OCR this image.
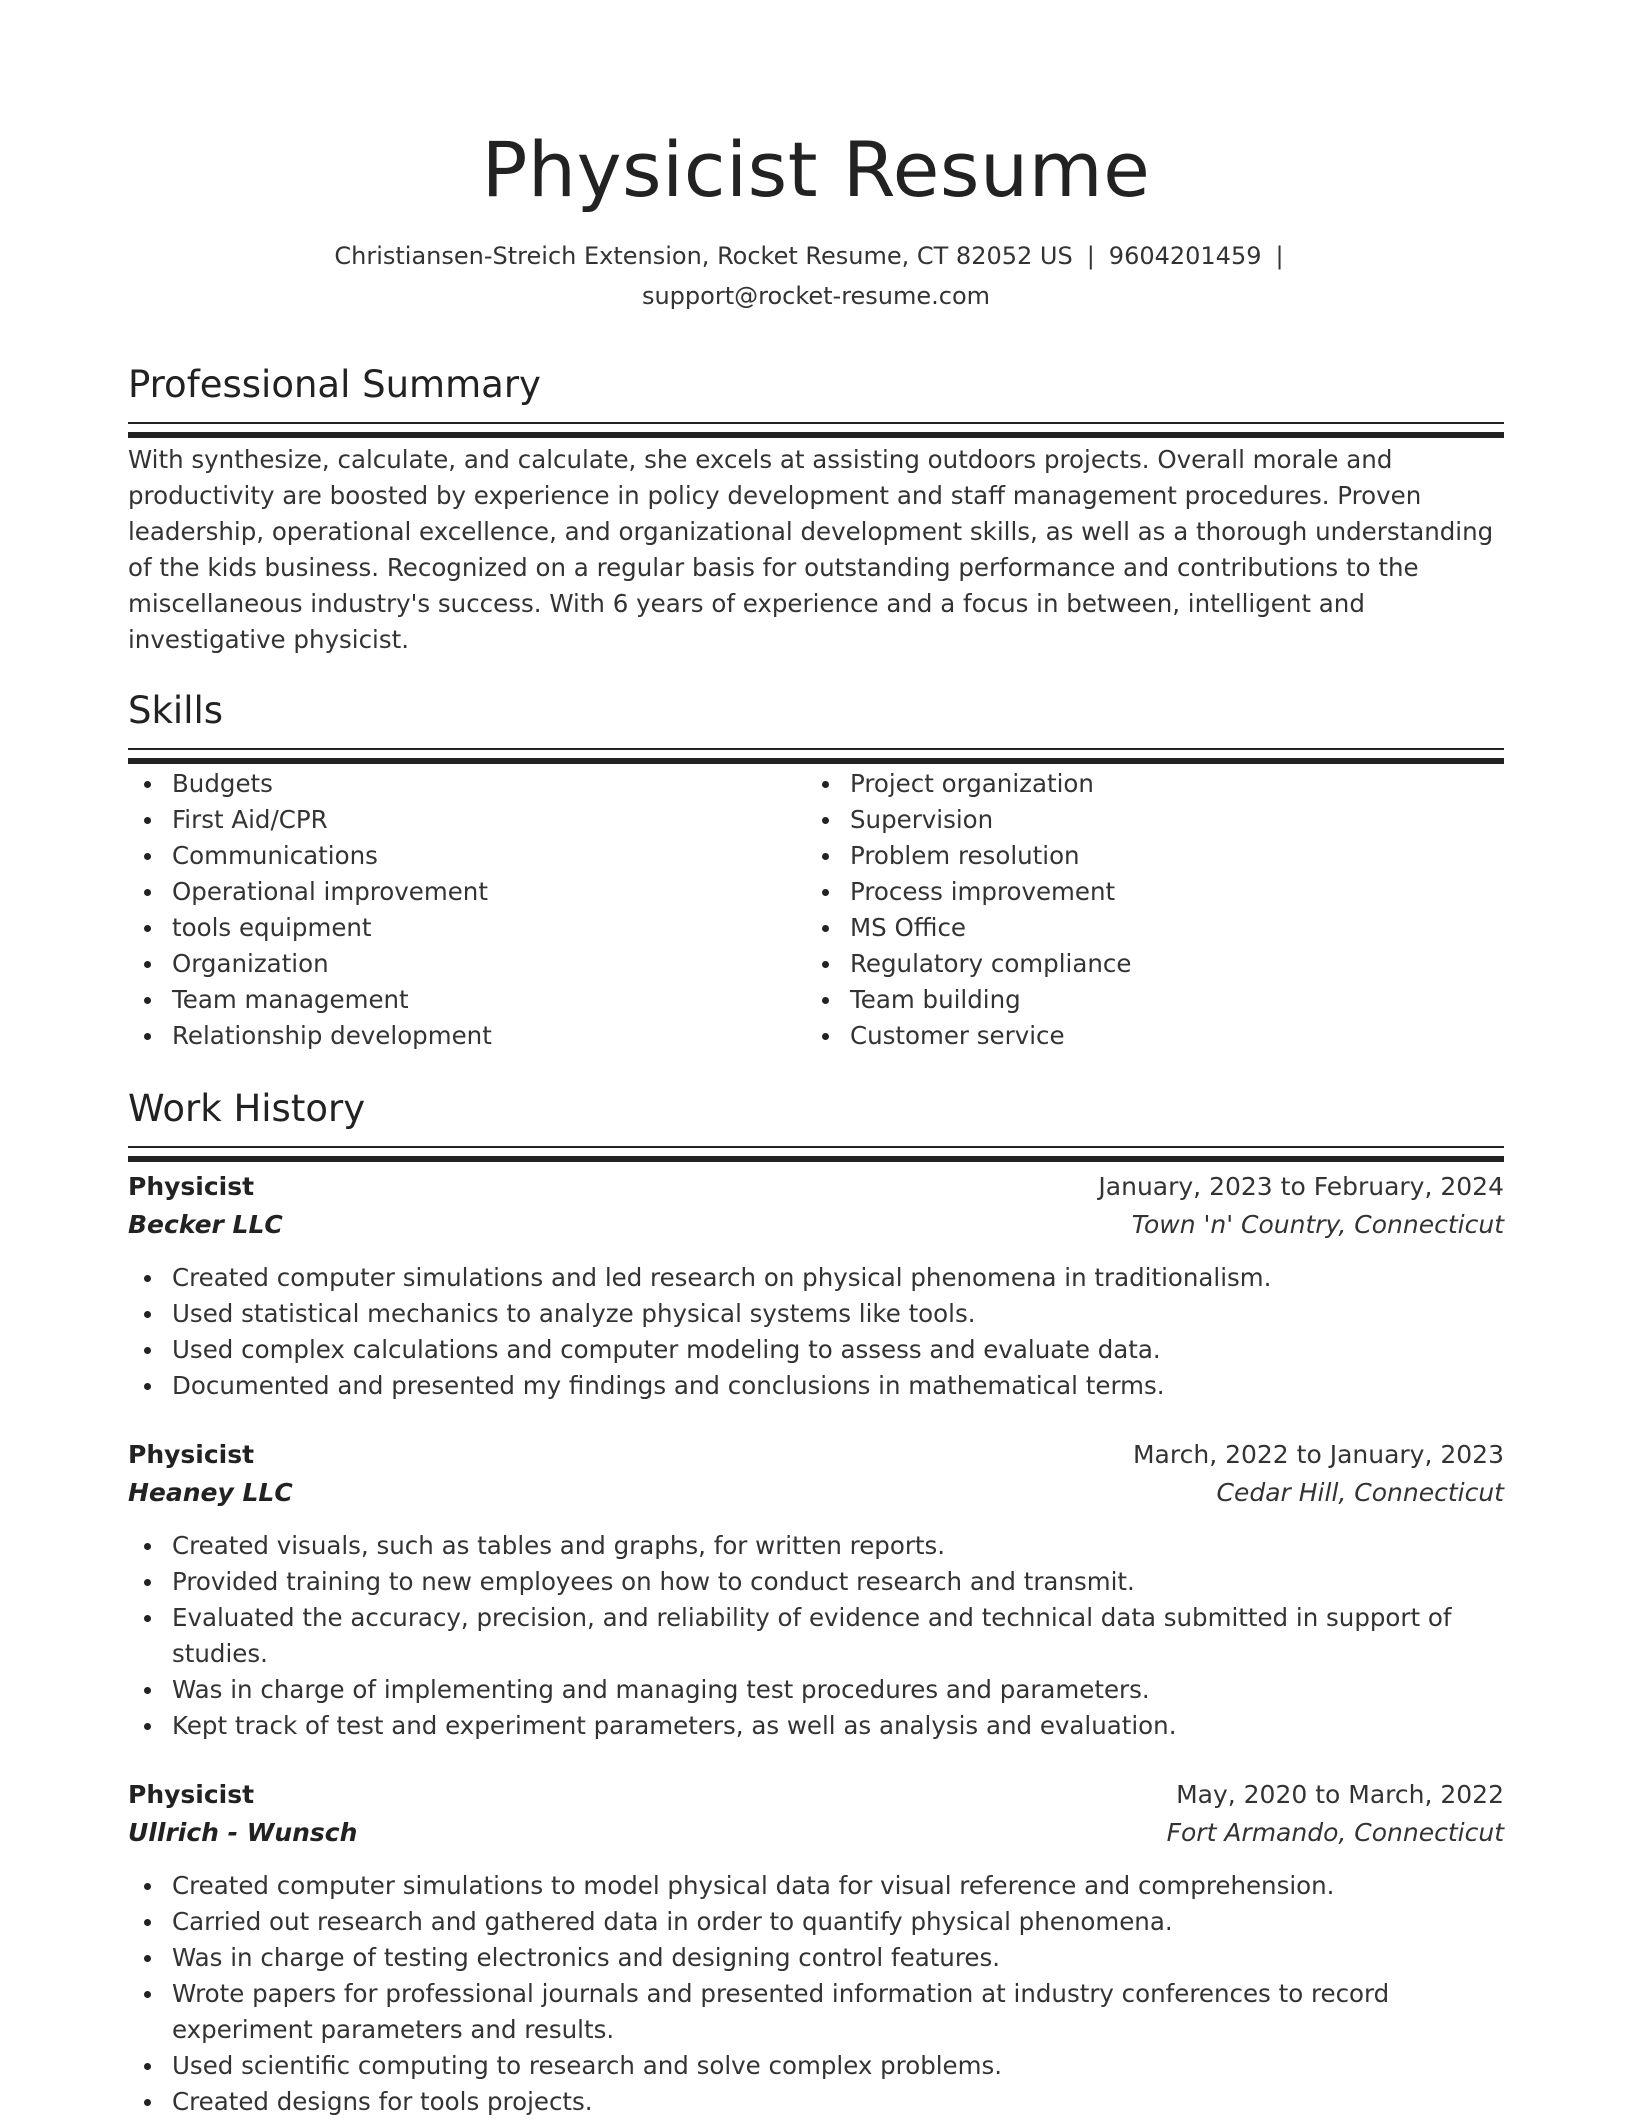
Physicist Resume
Christiansen-Streich Extension, Rocket Resume, CT 82052 US | 9604201459 |
support@rocket-resume.com
Professional Summary

With synthesize, calculate, and calculate, she excels at assisting outdoors projects. Overall morale and productivity are boosted by experience in policy development and staff management procedures. Proven leadership, operational excellence, and organizational development skills, as well as a thorough understanding of the kids business. Recognized on a regular basis for outstanding performance and contributions to the miscellaneous industry's success. With 6 years of experience and a focus in between, intelligent and investigative physicist.

Skills
Budgets
First Aid/CPR
Communications
Operational improvement
tools equipment
Organization
Team management
Relationship development
Project organization
Supervision
Problem resolution
Process improvement
MS Office
Regulatory compliance
Team building
Customer service
Work History
Physicist	January, 2023 to February, 2024
Becker LLC	Town 'n' Country, Connecticut
Created computer simulations and led research on physical phenomena in traditionalism.
Used statistical mechanics to analyze physical systems like tools.
Used complex calculations and computer modeling to assess and evaluate data.
Documented and presented my findings and conclusions in mathematical terms.
Physicist	March, 2022 to January, 2023
Heaney LLC	Cedar Hill, Connecticut
Created visuals, such as tables and graphs, for written reports.
Provided training to new employees on how to conduct research and transmit.
Evaluated the accuracy, precision, and reliability of evidence and technical data submitted in support of studies.
Was in charge of implementing and managing test procedures and parameters.
Kept track of test and experiment parameters, as well as analysis and evaluation.
Physicist	May, 2020 to March, 2022
Ullrich - Wunsch	Fort Armando, Connecticut
Created computer simulations to model physical data for visual reference and comprehension.
Carried out research and gathered data in order to quantify physical phenomena.
Was in charge of testing electronics and designing control features.
Wrote papers for professional journals and presented information at industry conferences to record experiment parameters and results.
Used scientific computing to research and solve complex problems.
Created designs for tools projects.
